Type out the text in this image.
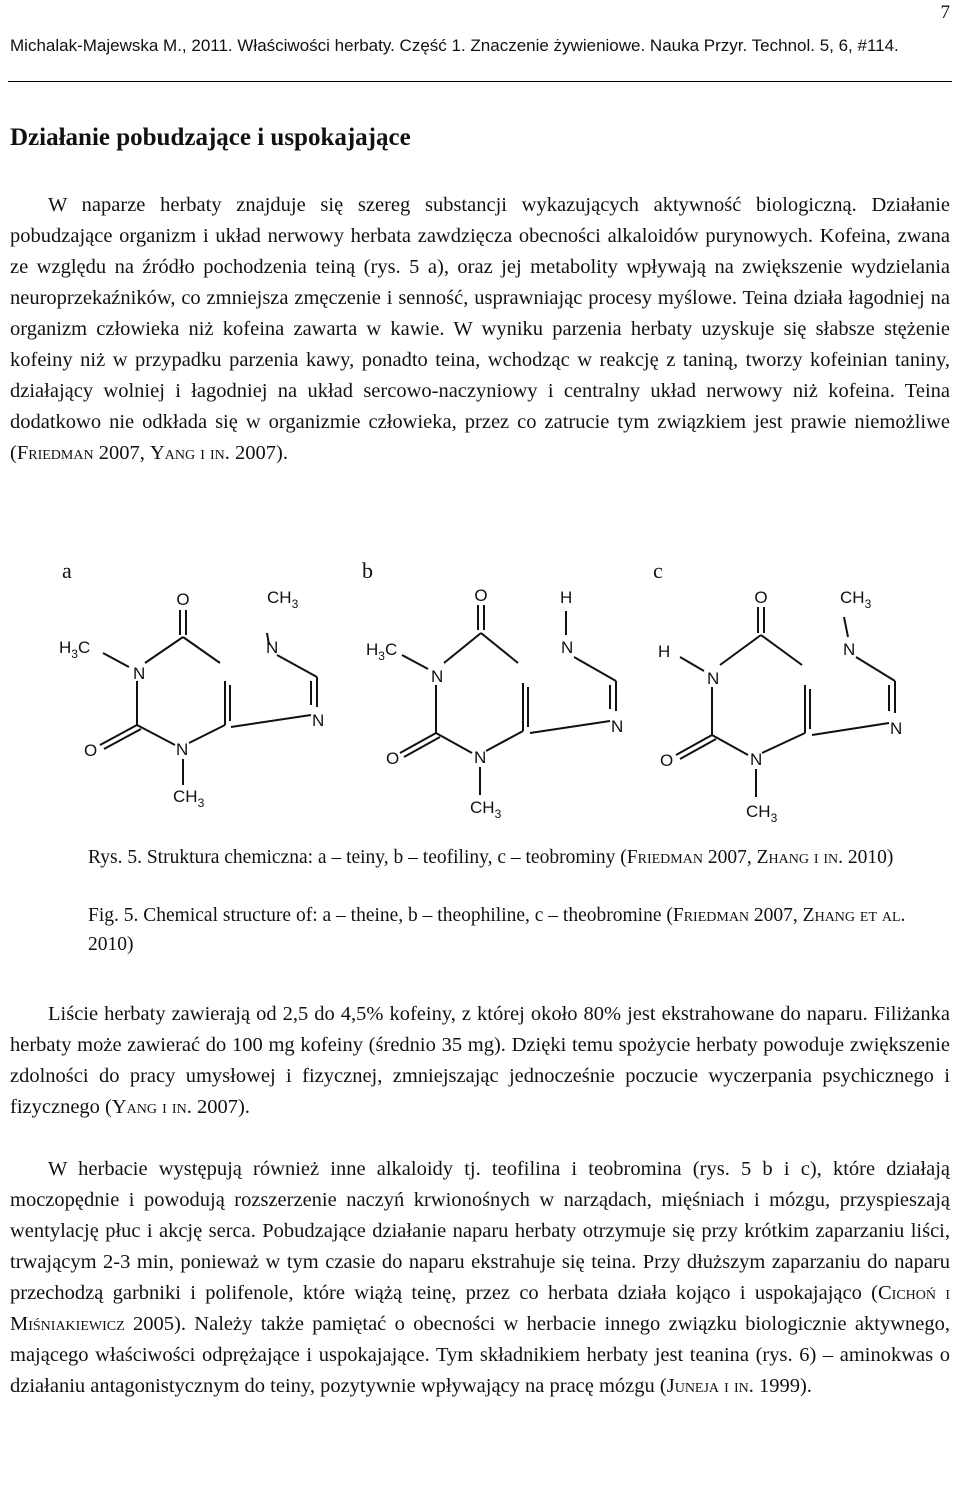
7
Michalak-Majewska M., 2011. Właściwości herbaty. Część 1. Znaczenie żywieniowe. Nauka Przyr. Technol. 5, 6, #114.
Działanie pobudzające i uspokajające

W naparze herbaty znajduje się szereg substancji wykazujących aktywność biologiczną. Działanie pobudzające organizm i układ nerwowy herbata zawdzięcza obecności alkaloidów purynowych. Kofeina, zwana ze względu na źródło pochodzenia teiną (rys. 5 a), oraz jej metabolity wpływają na zwiększenie wydzielania neuroprzekaźników, co zmniejsza zmęczenie i senność, usprawniając procesy myślowe. Teina działa łagodniej na organizm człowieka niż kofeina zawarta w kawie. W wyniku parzenia herbaty uzyskuje się słabsze stężenie kofeiny niż w przypadku parzenia kawy, ponadto teina, wchodząc w reakcję z taniną, tworzy kofeinian taniny, działający wolniej i łagodniej na układ sercowo-naczyniowy i centralny układ nerwowy niż kofeina. Teina dodatkowo nie odkłada się w organizmie człowieka, przez co zatrucie tym związkiem jest prawie niemożliwe (Friedman 2007, Yang i in. 2007).

a	b	c
O	$CH_3$
$H_3C$
N
N
N
O	N
$CH_3$
O	H
$H_3C$
N
N
N
O	N
$CH_3$
O	$CH_3$
H
N
N
N
O	N
$CH_3$
Rys. 5. Struktura chemiczna: a – teiny, b – teofiliny, c – teobrominy (Friedman 2007, Zhang i in. 2010)
Fig. 5. Chemical structure of: a – theine, b – theophiline, c – theobromine (Friedman 2007, Zhang et al. 2010)

Liście herbaty zawierają od 2,5 do 4,5% kofeiny, z której około 80% jest ekstrahowane do naparu. Filiżanka herbaty może zawierać do 100 mg kofeiny (średnio 35 mg). Dzięki temu spożycie herbaty powoduje zwiększenie zdolności do pracy umysłowej i fizycznej, zmniejszając jednocześnie poczucie wyczerpania psychicznego i fizycznego (Yang i in. 2007).

W herbacie występują również inne alkaloidy tj. teofilina i teobromina (rys. 5 b i c), które działają moczopędnie i powodują rozszerzenie naczyń krwionośnych w narządach, mięśniach i mózgu, przyspieszają wentylację płuc i akcję serca. Pobudzające działanie naparu herbaty otrzymuje się przy krótkim zaparzaniu liści, trwającym 2-3 min, ponieważ w tym czasie do naparu ekstrahuje się teina. Przy dłuższym zaparzaniu do naparu przechodzą garbniki i polifenole, które wiążą teinę, przez co herbata działa kojąco i uspokajająco (Cichoń i Miśniakiewicz 2005). Należy także pamiętać o obecności w herbacie innego związku biologicznie aktywnego, mającego właściwości odprężające i uspokajające. Tym składnikiem herbaty jest teanina (rys. 6) – aminokwas o działaniu antagonistycznym do teiny, pozytywnie wpływający na pracę mózgu (Juneja i in. 1999).
